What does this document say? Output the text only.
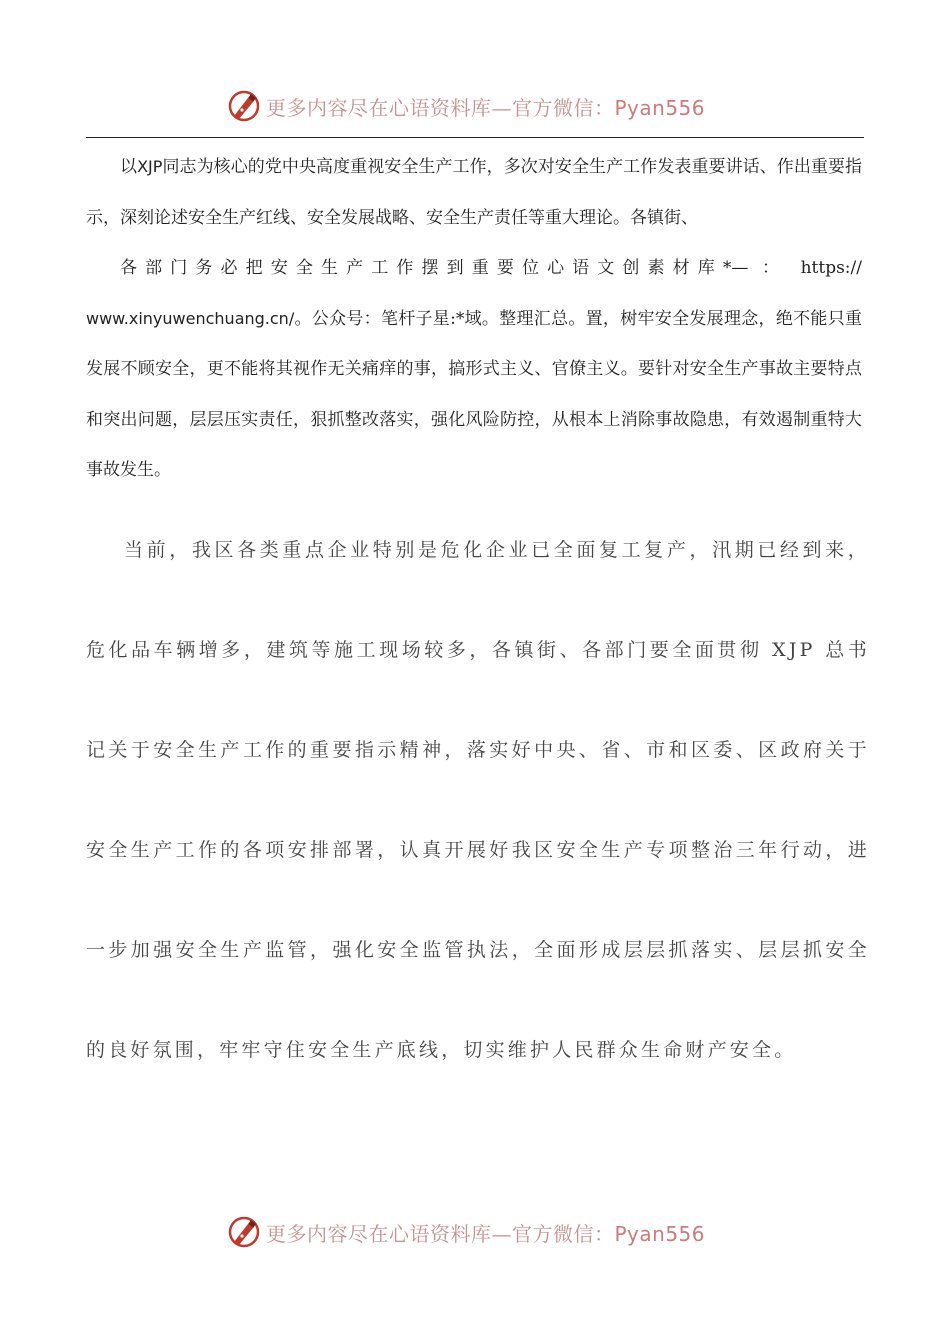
更多内容尽在心语资料库—官方微信：Pyan556

以XJP同志为核心的党中央高度重视安全生产工作，多次对安全生产工作发表重要讲话、作出重要指示，深刻论述安全生产红线、安全发展战略、安全生产责任等重大理论。各镇街、
各部门务必把安全生产工作摆到重要位心语文创素材库*— ： https://
www.xinyuwenchuang.cn/。公众号：笔杆子星:*域。整理汇总。置，树牢安全发展理念，绝不能只重发展不顾安全，更不能将其视作无关痛痒的事，搞形式主义、官僚主义。要针对安全生产事故主要特点和突出问题，层层压实责任，狠抓整改落实，强化风险防控，从根本上消除事故隐患，有效遏制重特大事故发生。

当前，我区各类重点企业特别是危化企业已全面复工复产，汛期已经到来，危化品车辆增多，建筑等施工现场较多，各镇街、各部门要全面贯彻 XJP 总书记关于安全生产工作的重要指示精神，落实好中央、省、市和区委、区政府关于安全生产工作的各项安排部署，认真开展好我区安全生产专项整治三年行动，进一步加强安全生产监管，强化安全监管执法，全面形成层层抓落实、层层抓安全的良好氛围，牢牢守住安全生产底线，切实维护人民群众生命财产安全。

更多内容尽在心语资料库—官方微信：Pyan556
